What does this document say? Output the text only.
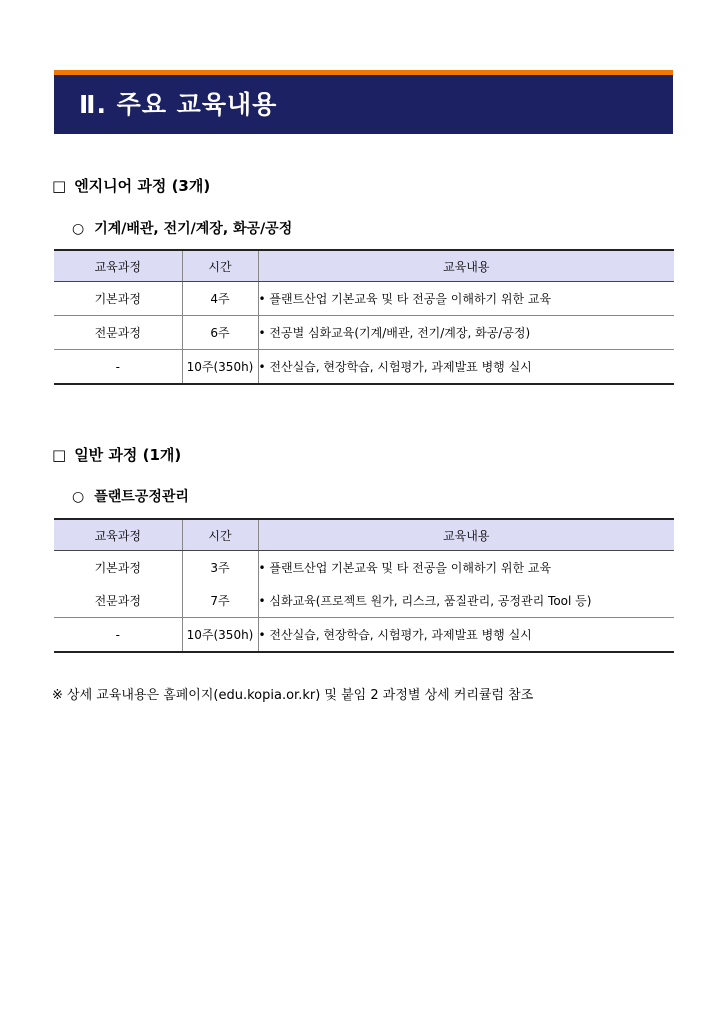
Ⅱ. 주요 교육내용
□ 엔지니어 과정 (3개)
○ 기계/배관, 전기/계장, 화공/공정
교육과정	시간	교육내용
기본과정	4주	• 플랜트산업 기본교육 및 타 전공을 이해하기 위한 교육
전문과정	6주	• 전공별 심화교육(기계/배관, 전기/계장, 화공/공정)
-	10주(350h)	• 전산실습, 현장학습, 시험평가, 과제발표 병행 실시
□ 일반 과정 (1개)
○ 플랜트공정관리
교육과정	시간	교육내용
기본과정	3주	• 플랜트산업 기본교육 및 타 전공을 이해하기 위한 교육
전문과정	7주	• 심화교육(프로젝트 원가, 리스크, 품질관리, 공정관리 Tool 등)
-	10주(350h)	• 전산실습, 현장학습, 시험평가, 과제발표 병행 실시
※ 상세 교육내용은 홈페이지(edu.kopia.or.kr) 및 붙임 2 과정별 상세 커리큘럼 참조
